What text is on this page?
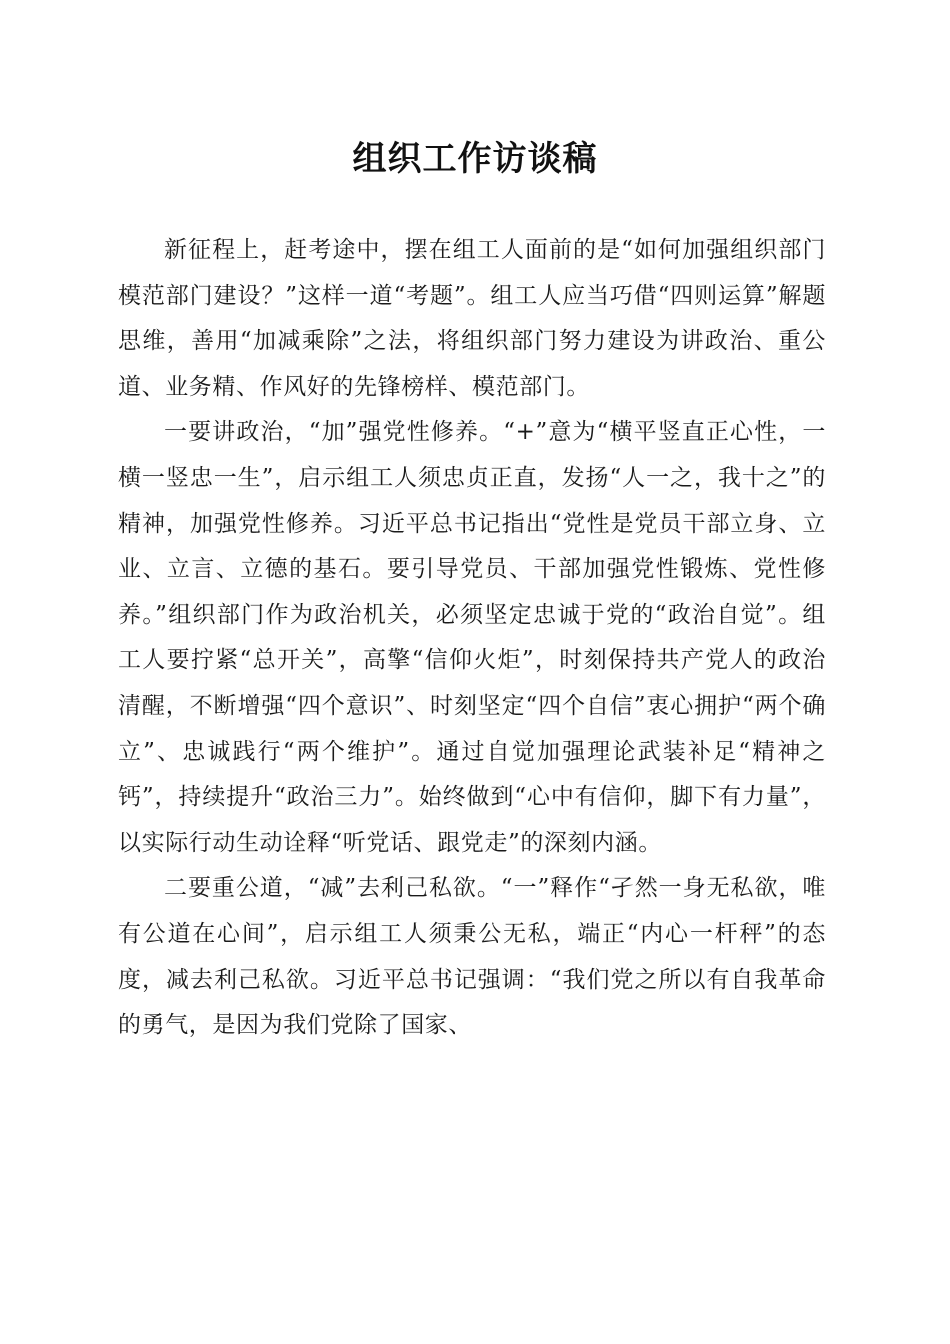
组织工作访谈稿

新征程上，赶考途中，摆在组工人面前的是“如何加强组织部门模范部门建设？”这样一道“考题”。组工人应当巧借“四则运算”解题思维，善用“加减乘除”之法，将组织部门努力建设为讲政治、重公道、业务精、作风好的先锋榜样、模范部门。

一要讲政治，“加”强党性修养。“+”意为“横平竖直正心性，一横一竖忠一生”，启示组工人须忠贞正直，发扬“人一之，我十之”的精神，加强党性修养。习近平总书记指出“党性是党员干部立身、立业、立言、立德的基石。要引导党员、干部加强党性锻炼、党性修养。”组织部门作为政治机关，必须坚定忠诚于党的“政治自觉”。组工人要拧紧“总开关”，高擎“信仰火炬”，时刻保持共产党人的政治清醒，不断增强“四个意识”、时刻坚定“四个自信”衷心拥护“两个确立”、忠诚践行“两个维护”。通过自觉加强理论武装补足“精神之钙”，持续提升“政治三力”。始终做到“心中有信仰，脚下有力量”，以实际行动生动诠释“听党话、跟党走”的深刻内涵。

二要重公道，“减”去利己私欲。“一”释作“孑然一身无私欲，唯有公道在心间”，启示组工人须秉公无私，端正“内心一杆秤”的态度，减去利己私欲。习近平总书记强调：“我们党之所以有自我革命的勇气，是因为我们党除了国家、
